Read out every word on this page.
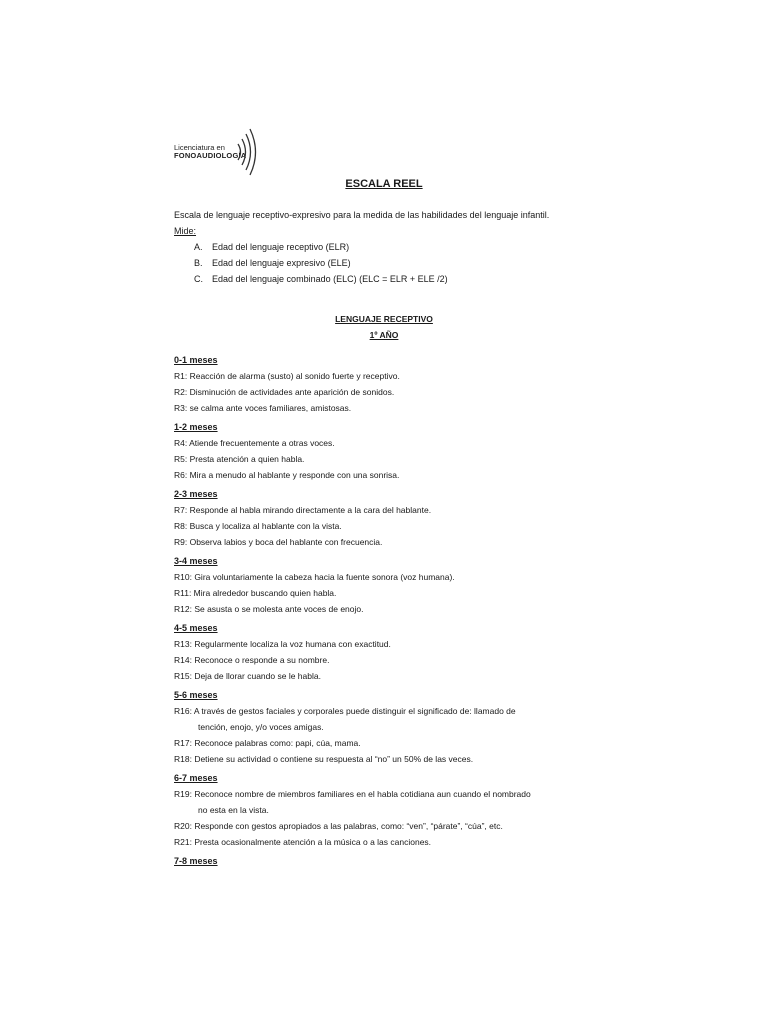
Licenciatura en
FONOAUDIOLOGÍA
ESCALA REEL
Escala de lenguaje receptivo-expresivo para la medida de las habilidades del lenguaje infantil.
Mide:
A. Edad del lenguaje receptivo (ELR)
B. Edad del lenguaje expresivo (ELE)
C. Edad del lenguaje combinado (ELC) (ELC = ELR + ELE /2)
LENGUAJE RECEPTIVO
1º AÑO
0-1 meses
R1: Reacción de alarma (susto) al sonido fuerte y receptivo.
R2: Disminución de actividades ante aparición de sonidos.
R3: se calma ante voces familiares, amistosas.
1-2 meses
R4: Atiende frecuentemente a otras voces.
R5: Presta atención a quien habla.
R6: Mira a menudo al hablante y responde con una sonrisa.
2-3 meses
R7: Responde al habla mirando directamente a la cara del hablante.
R8: Busca y localiza al hablante con la vista.
R9: Observa labios y boca del hablante con frecuencia.
3-4 meses
R10: Gira voluntariamente la cabeza hacia la fuente sonora (voz humana).
R11: Mira alrededor buscando quien habla.
R12: Se asusta o se molesta ante voces de enojo.
4-5 meses
R13: Regularmente localiza la voz humana con exactitud.
R14: Reconoce o responde a su nombre.
R15: Deja de llorar cuando se le habla.
5-6 meses
R16: A través de gestos faciales y corporales puede distinguir el significado de: llamado de
tención, enojo, y/o voces amigas.
R17: Reconoce palabras como: papi, cúa, mama.
R18: Detiene su actividad o contiene su respuesta al “no” un 50% de las veces.
6-7 meses
R19: Reconoce nombre de miembros familiares en el habla cotidiana aun cuando el nombrado
no esta en la vista.
R20: Responde con gestos apropiados a las palabras, como: “ven”, “párate”, “cúa”, etc.
R21: Presta ocasionalmente atención a la música o a las canciones.
7-8 meses
